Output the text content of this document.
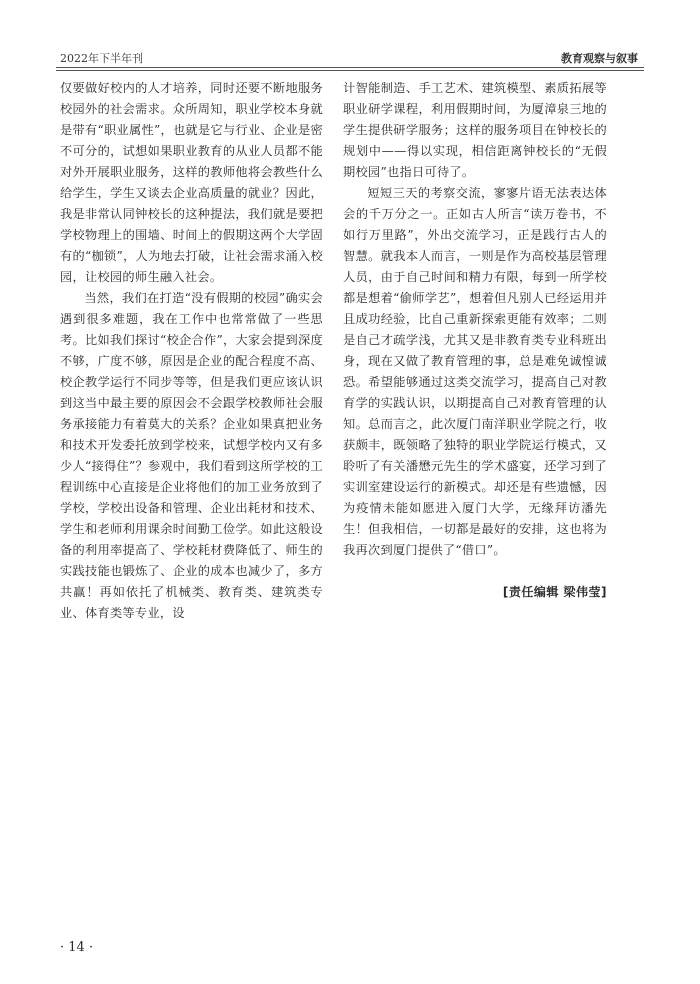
2022年下半年刊	教育观察与叙事

仅要做好校内的人才培养，同时还要不断地服务校园外的社会需求。众所周知，职业学校本身就是带有“职业属性”，也就是它与行业、企业是密不可分的，试想如果职业教育的从业人员都不能对外开展职业服务，这样的教师他将会教些什么给学生，学生又谈去企业高质量的就业？因此，我是非常认同钟校长的这种提法，我们就是要把学校物理上的围墙、时间上的假期这两个大学固有的“枷锁”，人为地去打破，让社会需求涌入校园，让校园的师生融入社会。

当然，我们在打造“没有假期的校园”确实会遇到很多难题，我在工作中也常常做了一些思考。比如我们探讨“校企合作”，大家会提到深度不够，广度不够，原因是企业的配合程度不高、校企教学运行不同步等等，但是我们更应该认识到这当中最主要的原因会不会跟学校教师社会服务承接能力有着莫大的关系？企业如果真把业务和技术开发委托放到学校来，试想学校内又有多少人“接得住”？参观中，我们看到这所学校的工程训练中心直接是企业将他们的加工业务放到了学校，学校出设备和管理、企业出耗材和技术、学生和老师利用课余时间勤工俭学。如此这般设备的利用率提高了、学校耗材费降低了、师生的实践技能也锻炼了、企业的成本也减少了，多方共赢！再如依托了机械类、教育类、建筑类专业、体育类等专业，设

计智能制造、手工艺术、建筑模型、素质拓展等职业研学课程，利用假期时间，为厦漳泉三地的学生提供研学服务；这样的服务项目在钟校长的规划中——得以实现，相信距离钟校长的“无假期校园”也指日可待了。

短短三天的考察交流，寥寥片语无法表达体会的千万分之一。正如古人所言“读万卷书，不如行万里路”，外出交流学习，正是践行古人的智慧。就我本人而言，一则是作为高校基层管理人员，由于自己时间和精力有限，每到一所学校都是想着“偷师学艺”，想着但凡别人已经运用并且成功经验，比自己重新探索更能有效率；二则是自己才疏学浅，尤其又是非教育类专业科班出身，现在又做了教育管理的事，总是难免诚惶诚恐。希望能够通过这类交流学习，提高自己对教育学的实践认识，以期提高自己对教育管理的认知。总而言之，此次厦门南洋职业学院之行，收获颇丰，既领略了独特的职业学院运行模式，又聆听了有关潘懋元先生的学术盛宴，还学习到了实训室建设运行的新模式。却还是有些遗憾，因为疫情未能如愿进入厦门大学，无缘拜访潘先生！但我相信，一切都是最好的安排，这也将为我再次到厦门提供了“借口”。

[责任编辑 梁伟莹]

· 14 ·
